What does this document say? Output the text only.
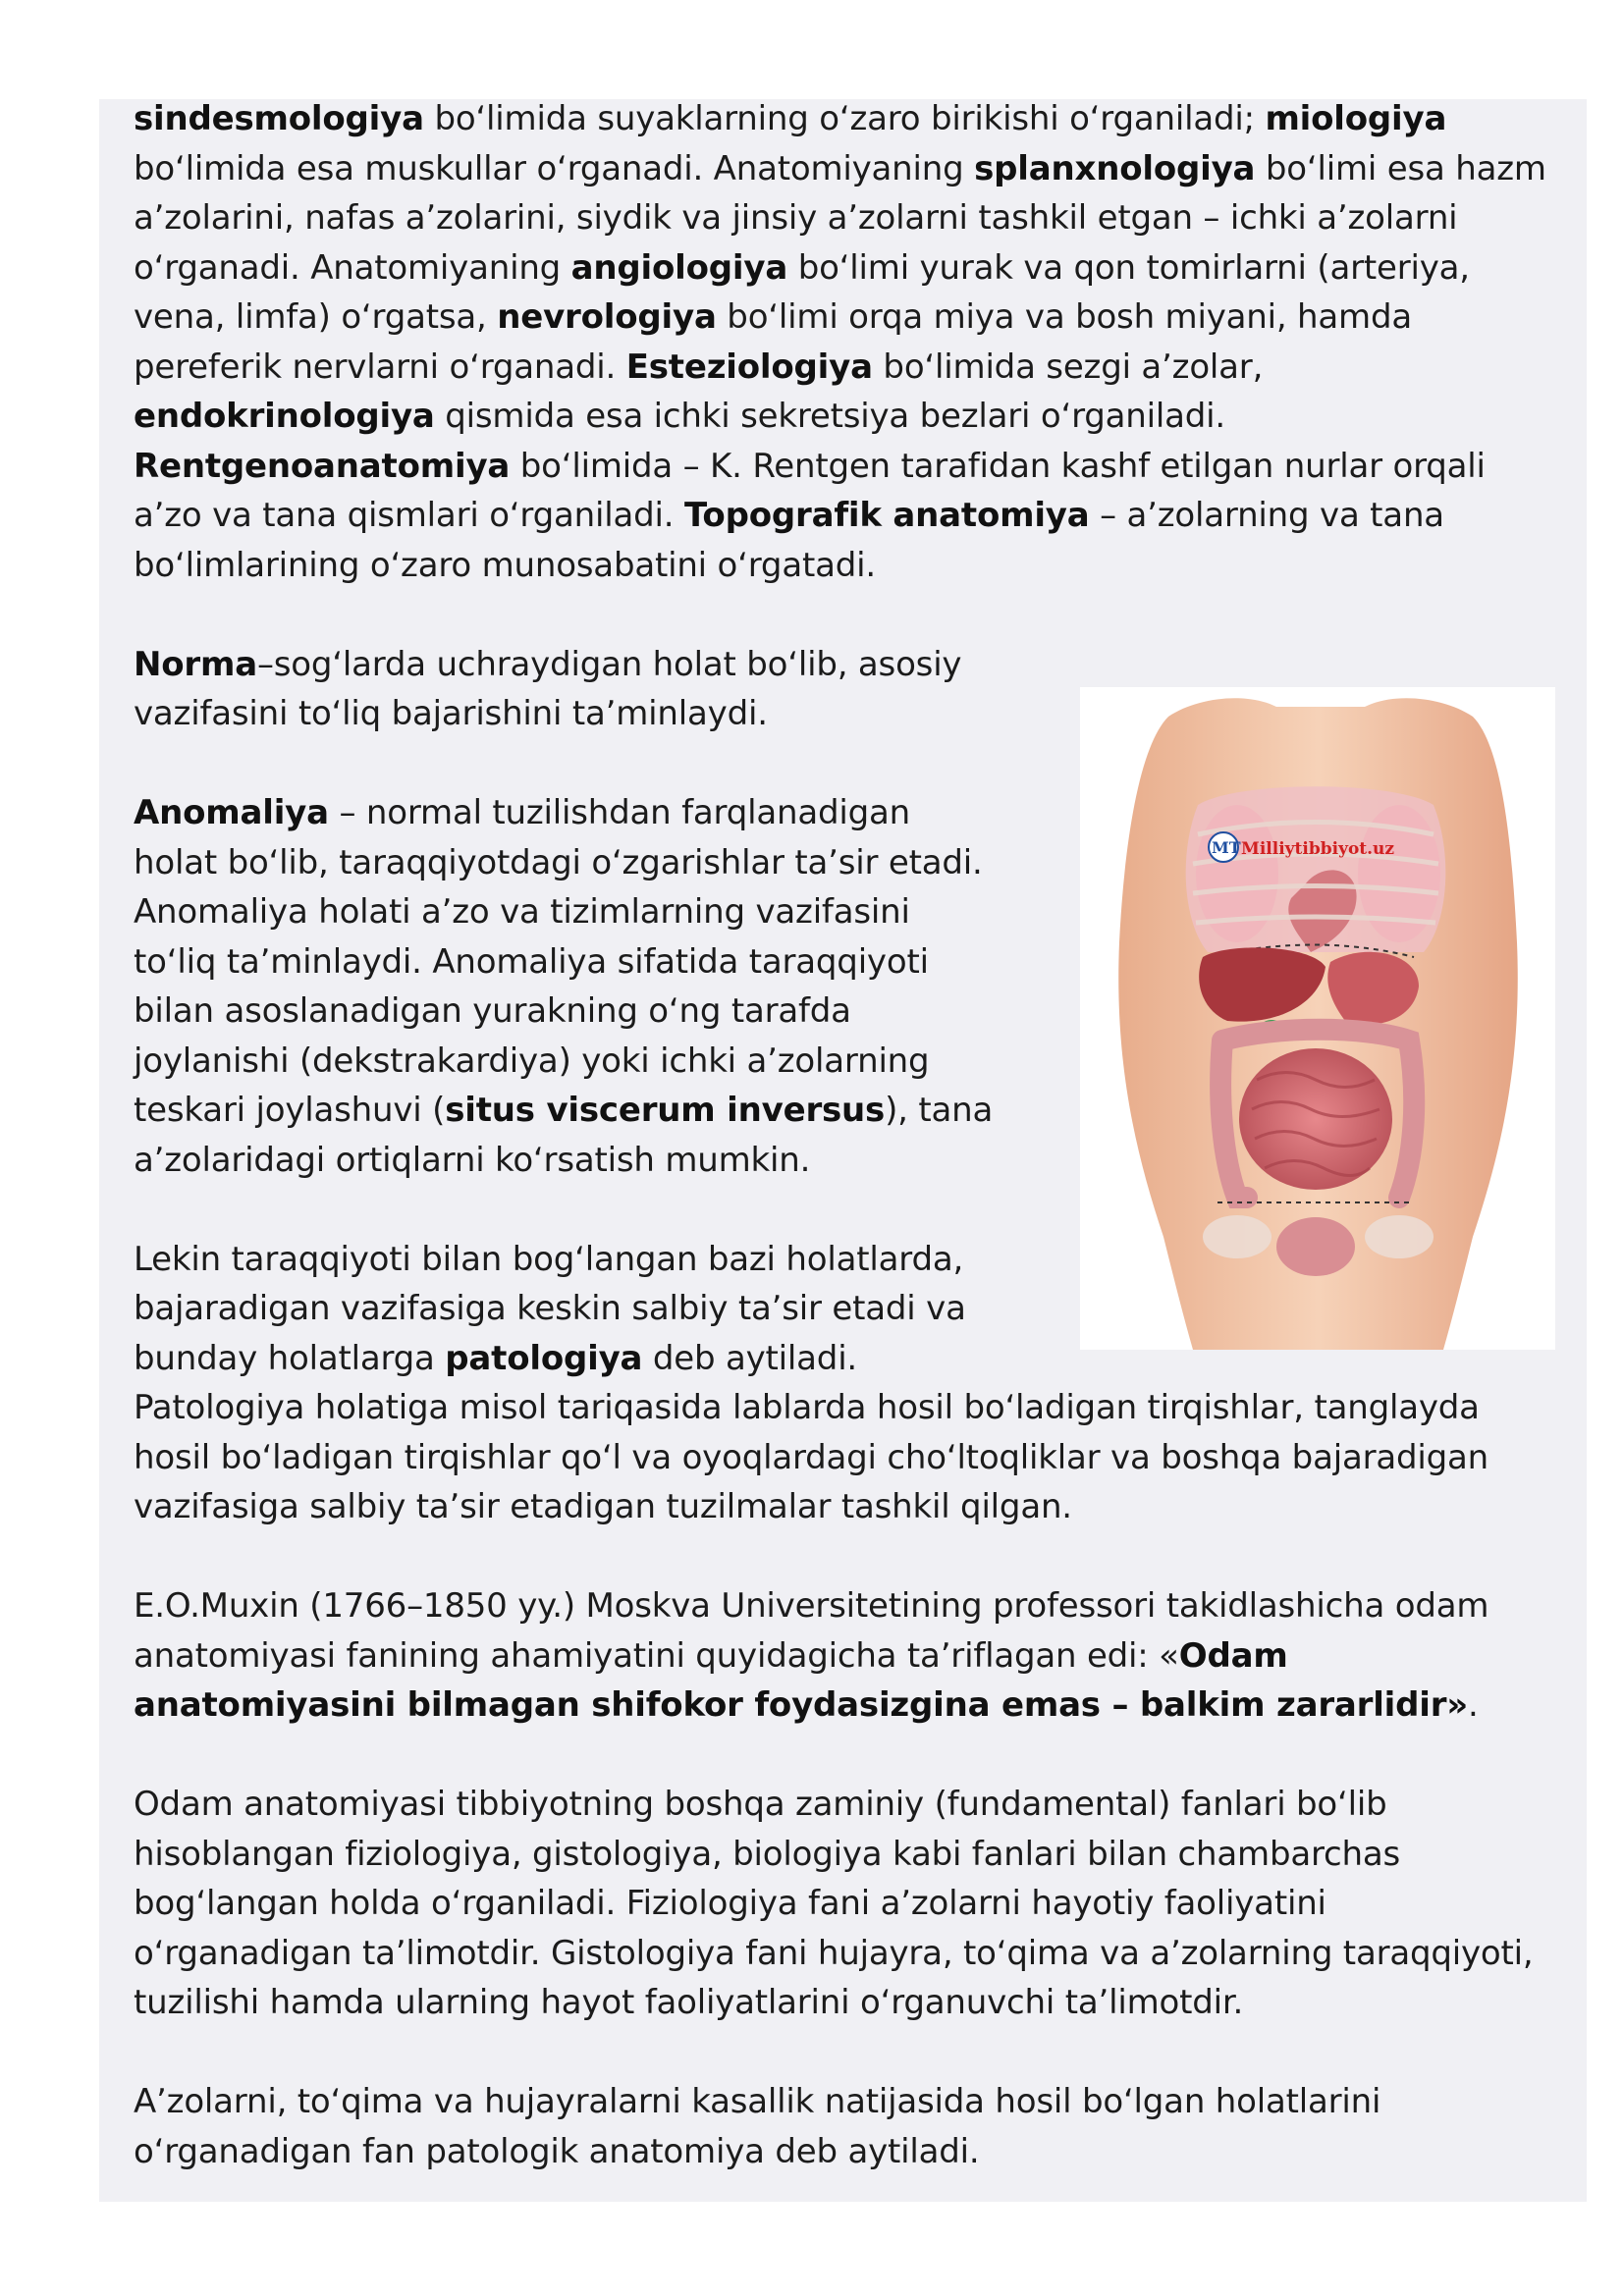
sindesmologiya bo‘limida suyaklarning o‘zaro birikishi o‘rganiladi; miologiya bo‘limida esa muskullar o‘rganadi. Anatomiyaning splanxnologiya bo‘limi esa hazm a’zolarini, nafas a’zolarini, siydik va jinsiy a’zolarni tashkil etgan – ichki a’zolarni o‘rganadi. Anatomiyaning angiologiya bo‘limi yurak va qon tomirlarni (arteriya, vena, limfa) o‘rgatsa, nevrologiya bo‘limi orqa miya va bosh miyani, hamda pereferik nervlarni o‘rganadi. Esteziologiya bo‘limida sezgi a’zolar,
endokrinologiya qismida esa ichki sekretsiya bezlari o‘rganiladi.
Rentgenoanatomiya bo‘limida – K. Rentgen tarafidan kashf etilgan nurlar orqali a’zo va tana qismlari o‘rganiladi. Topografik anatomiya – a’zolarning va tana bo‘limlarining o‘zaro munosabatini o‘rgatadi.

Norma–sog‘larda uchraydigan holat bo‘lib, asosiy vazifasini to‘liq bajarishini ta’minlaydi.

Anomaliya – normal tuzilishdan farqlanadigan holat bo‘lib, taraqqiyotdagi o‘zgarishlar ta’sir etadi. Anomaliya holati a’zo va tizimlarning vazifasini to‘liq ta’minlaydi. Anomaliya sifatida taraqqiyoti bilan asoslanadigan yurakning o‘ng tarafda joylanishi (dekstrakardiya) yoki ichki a’zolarning teskari joylashuvi (situs viscerum inversus), tana a’zolaridagi ortiqlarni ko‘rsatish mumkin.

Lekin taraqqiyoti bilan bog‘langan bazi holatlarda, bajaradigan vazifasiga keskin salbiy ta’sir etadi va bunday holatlarga patologiya deb aytiladi.

Patologiya holatiga misol tariqasida lablarda hosil bo‘ladigan tirqishlar, tanglayda hosil bo‘ladigan tirqishlar qo‘l va oyoqlardagi cho‘ltoqliklar va boshqa bajaradigan vazifasiga salbiy ta’sir etadigan tuzilmalar tashkil qilgan.

E.O.Muxin (1766–1850 yy.) Moskva Universitetining professori takidlashicha odam anatomiyasi fanining ahamiyatini quyidagicha ta’riflagan edi: «Odam anatomiyasini bilmagan shifokor foydasizgina emas – balkim zararlidir».

Odam anatomiyasi tibbiyotning boshqa zaminiy (fundamental) fanlari bo‘lib hisoblangan fiziologiya, gistologiya, biologiya kabi fanlari bilan chambarchas bog‘langan holda o‘rganiladi. Fiziologiya fani a’zolarni hayotiy faoliyatini o‘rganadigan ta’limotdir. Gistologiya fani hujayra, to‘qima va a’zolarning taraqqiyoti, tuzilishi hamda ularning hayot faoliyatlarini o‘rganuvchi ta’limotdir.

A’zolarni, to‘qima va hujayralarni kasallik natijasida hosil bo‘lgan holatlarini o‘rganadigan fan patologik anatomiya deb aytiladi.

MT Milliytibbiyot.uz
